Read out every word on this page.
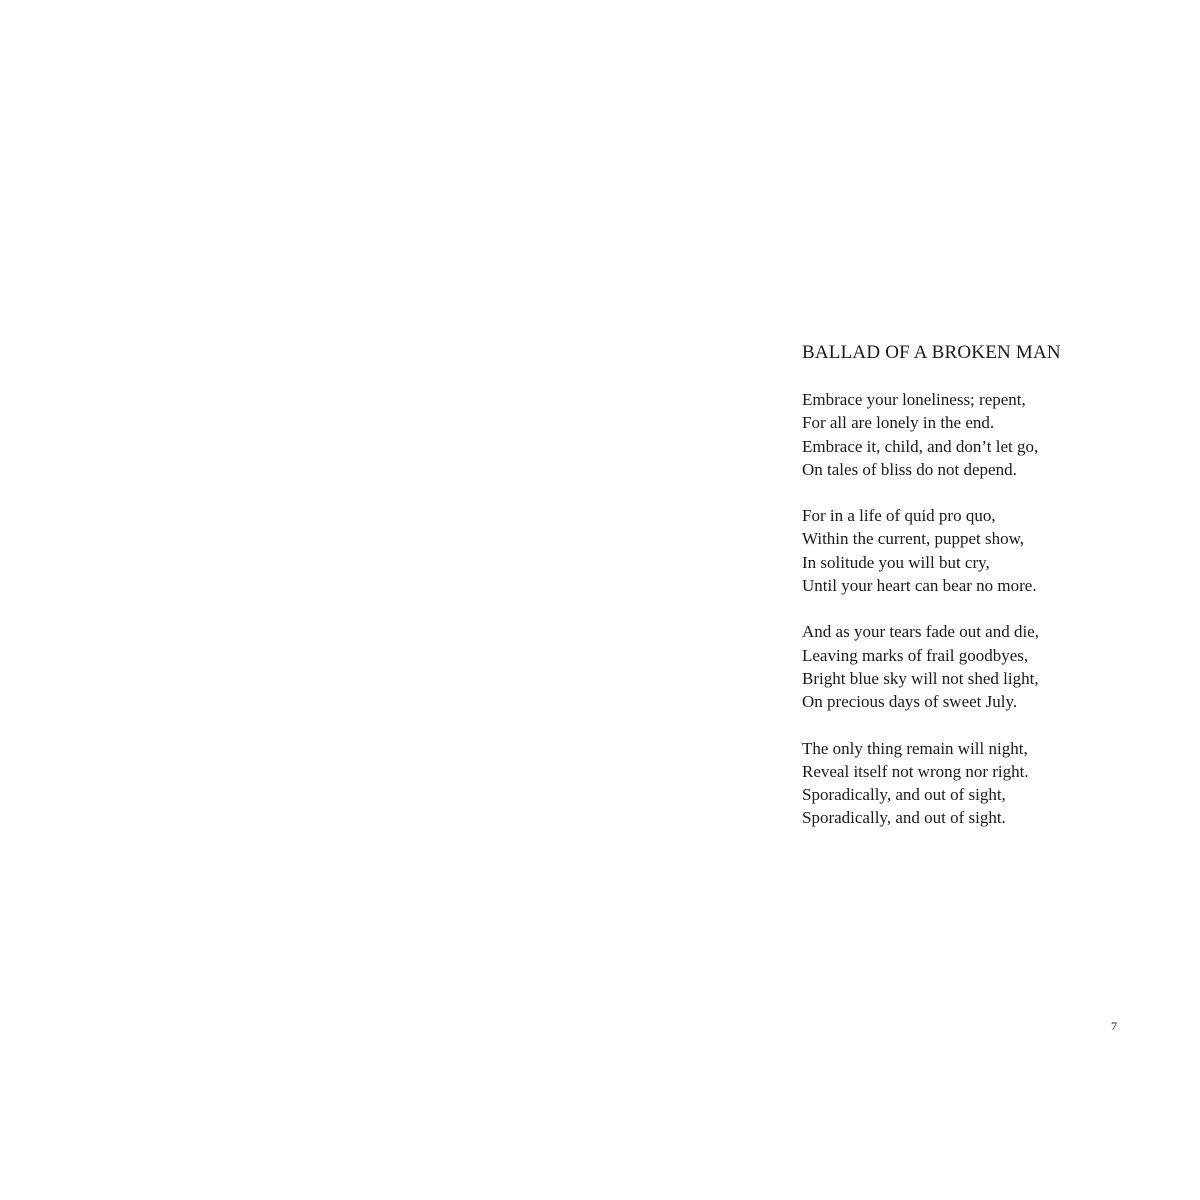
BALLAD OF A BROKEN MAN
Embrace your loneliness; repent,
For all are lonely in the end.
Embrace it, child, and don’t let go,
On tales of bliss do not depend.
For in a life of quid pro quo,
Within the current, puppet show,
In solitude you will but cry,
Until your heart can bear no more.
And as your tears fade out and die,
Leaving marks of frail goodbyes,
Bright blue sky will not shed light,
On precious days of sweet July.
The only thing remain will night,
Reveal itself not wrong nor right.
Sporadically, and out of sight,
Sporadically, and out of sight.
7
